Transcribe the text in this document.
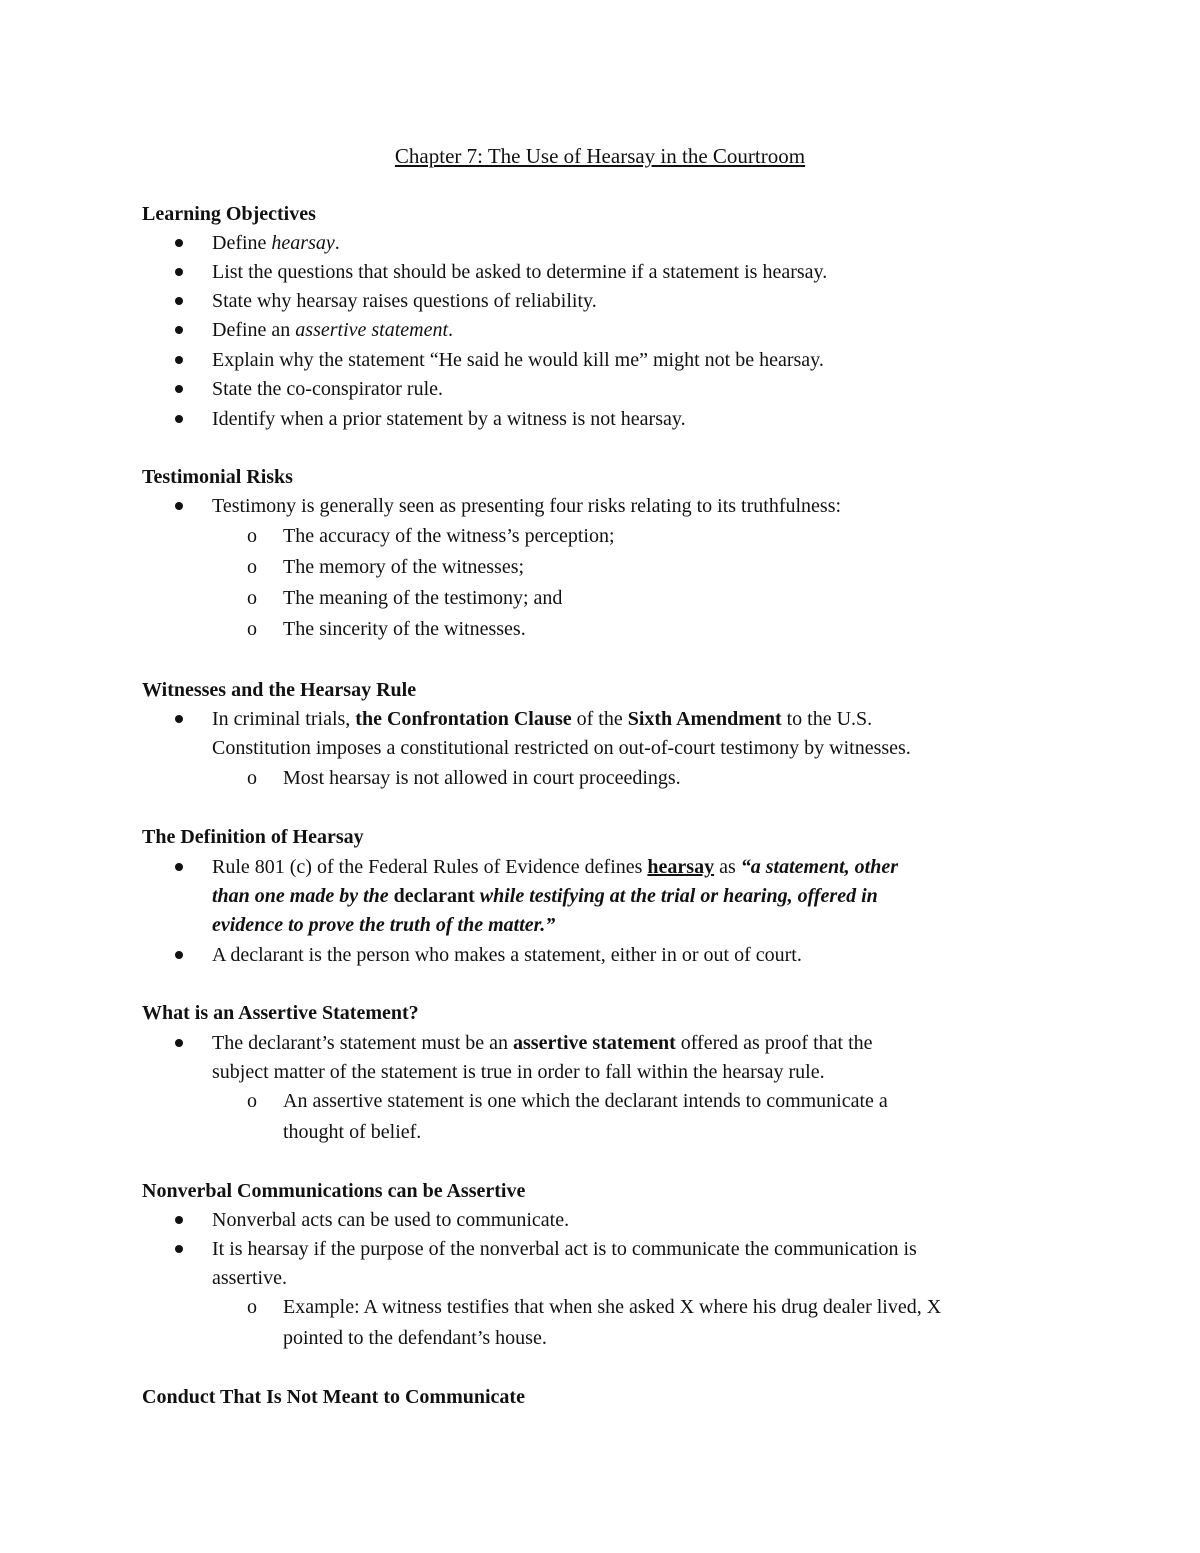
Chapter 7: The Use of Hearsay in the Courtroom
Learning Objectives
Define hearsay.
List the questions that should be asked to determine if a statement is hearsay.
State why hearsay raises questions of reliability.
Define an assertive statement.
Explain why the statement “He said he would kill me” might not be hearsay.
State the co-conspirator rule.
Identify when a prior statement by a witness is not hearsay.
Testimonial Risks
Testimony is generally seen as presenting four risks relating to its truthfulness:
o The accuracy of the witness’s perception;
o The memory of the witnesses;
o The meaning of the testimony; and
o The sincerity of the witnesses.
Witnesses and the Hearsay Rule
In criminal trials, the Confrontation Clause of the Sixth Amendment to the U.S.
Constitution imposes a constitutional restricted on out-of-court testimony by witnesses.
o Most hearsay is not allowed in court proceedings.
The Definition of Hearsay
Rule 801 (c) of the Federal Rules of Evidence defines hearsay as “a statement, other
than one made by the declarant while testifying at the trial or hearing, offered in
evidence to prove the truth of the matter.”
A declarant is the person who makes a statement, either in or out of court.
What is an Assertive Statement?
The declarant’s statement must be an assertive statement offered as proof that the
subject matter of the statement is true in order to fall within the hearsay rule.
o An assertive statement is one which the declarant intends to communicate a
thought of belief.
Nonverbal Communications can be Assertive
Nonverbal acts can be used to communicate.
It is hearsay if the purpose of the nonverbal act is to communicate the communication is
assertive.
o Example: A witness testifies that when she asked X where his drug dealer lived, X
pointed to the defendant’s house.
Conduct That Is Not Meant to Communicate
